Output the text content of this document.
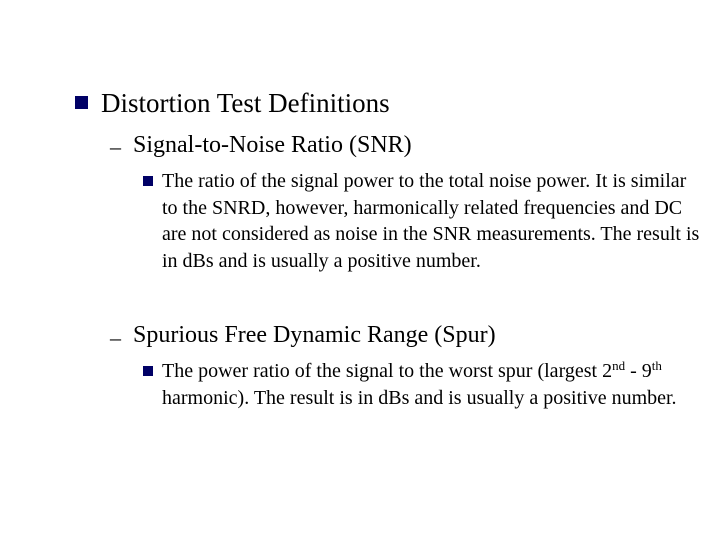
Distortion Test Definitions
– Signal-to-Noise Ratio (SNR)
The ratio of the signal power to the total noise power. It is similar to the SNRD, however, harmonically related frequencies and DC are not considered as noise in the SNR measurements. The result is in dBs and is usually a positive number.
– Spurious Free Dynamic Range (Spur)
The power ratio of the signal to the worst spur (largest 2nd - 9th harmonic). The result is in dBs and is usually a positive number.
